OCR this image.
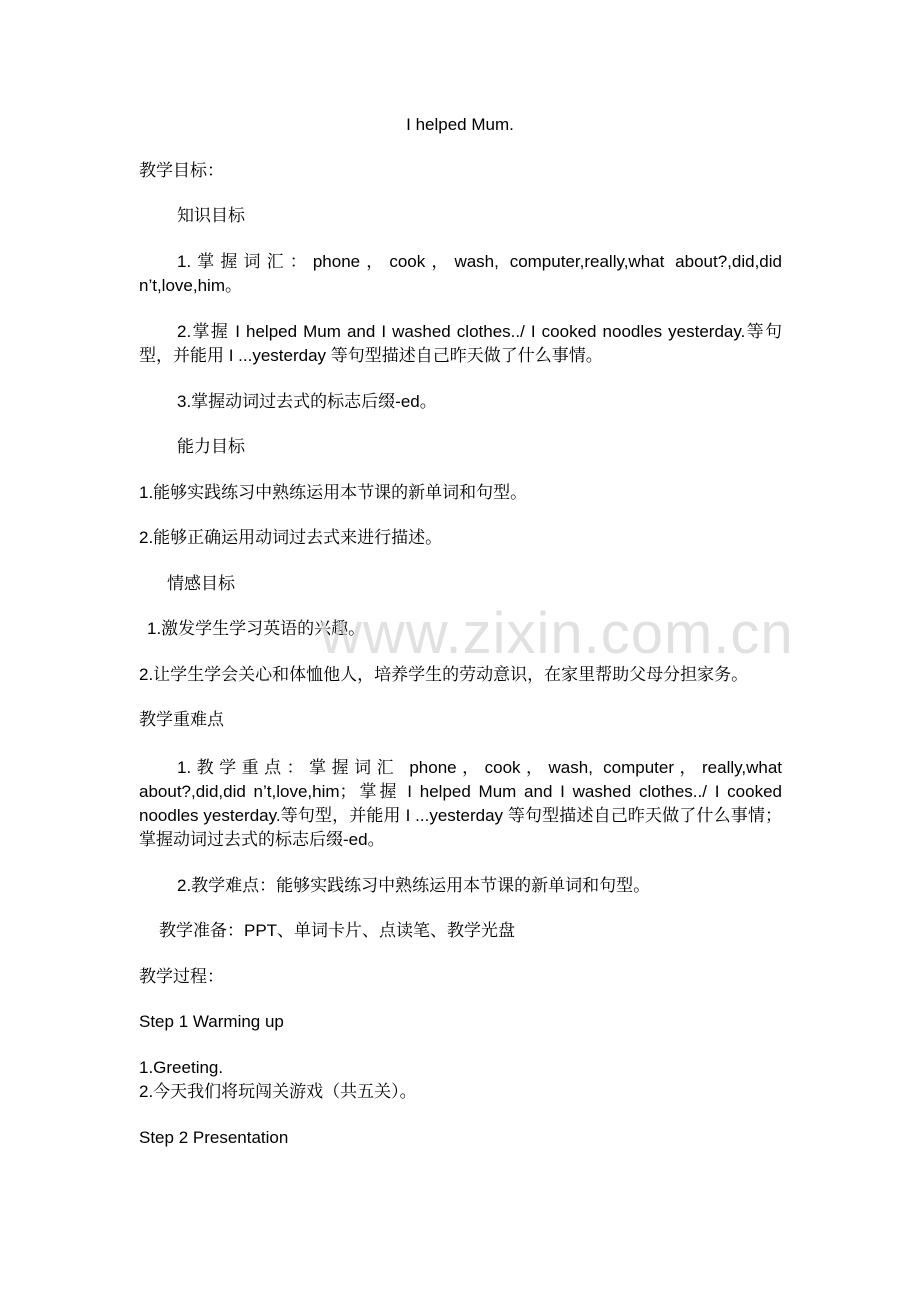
I helped Mum.
教学目标：
知识目标
1.掌握词汇：phone，cook，wash, computer,really,what about?,did,did n’t,love,him。
2.掌握 I helped Mum and I washed clothes../ I cooked noodles yesterday.等句型，并能用 I ...yesterday 等句型描述自己昨天做了什么事情。
3.掌握动词过去式的标志后缀-ed。
能力目标
1.能够实践练习中熟练运用本节课的新单词和句型。
2.能够正确运用动词过去式来进行描述。
情感目标
1.激发学生学习英语的兴趣。
2.让学生学会关心和体恤他人，培养学生的劳动意识，在家里帮助父母分担家务。
教学重难点
1.教学重点：掌握词汇 phone，cook，wash, computer，really,what about?,did,did n’t,love,him；掌握 I helped Mum and I washed clothes../ I cooked noodles yesterday.等句型，并能用 I ...yesterday 等句型描述自己昨天做了什么事情；掌握动词过去式的标志后缀-ed。
2.教学难点：能够实践练习中熟练运用本节课的新单词和句型。
教学准备：PPT、单词卡片、点读笔、教学光盘
教学过程：
Step 1 Warming up
1.Greeting.
2.今天我们将玩闯关游戏（共五关）。
Step 2 Presentation
www.zixin.com.cn
